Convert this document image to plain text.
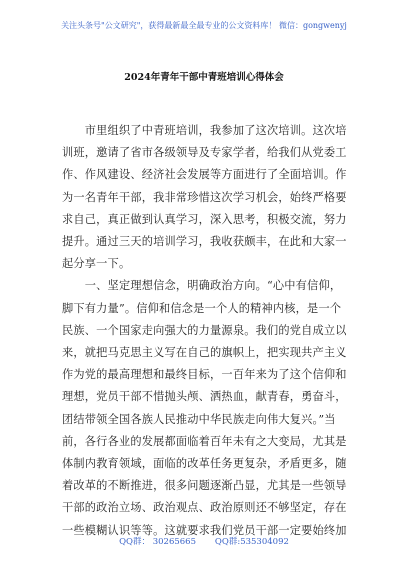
关注头条号"公文研究"，获得最新最全最专业的公文资料库！ 微信：gongwenyj
2024年青年干部中青班培训心得体会

　　市里组织了中青班培训，我参加了这次培训。这次培训班，邀请了省市各级领导及专家学者，给我们从党委工作、作风建设、经济社会发展等方面进行了全面培训。作为一名青年干部，我非常珍惜这次学习机会，始终严格要求自己，真正做到认真学习，深入思考，积极交流，努力提升。通过三天的培训学习，我收获颇丰，在此和大家一起分享一下。

　　一、坚定理想信念，明确政治方向。“心中有信仰，脚下有力量”。信仰和信念是一个人的精神内核，是一个民族、一个国家走向强大的力量源泉。我们的党自成立以来，就把马克思主义写在自己的旗帜上，把实现共产主义作为党的最高理想和最终目标，一百年来为了这个信仰和理想，党员干部不惜抛头颅、洒热血，献青春，勇奋斗，团结带领全国各族人民推动中华民族走向伟大复兴。”当前，各行各业的发展都面临着百年未有之大变局，尤其是体制内教育领域，面临的改革任务更复杂，矛盾更多，随着改革的不断推进，很多问题逐渐凸显，尤其是一些领导干部的政治立场、政治观点、政治原则还不够坚定，存在一些模糊认识等等。这就要求我们党员干部一定要始终加

QQ群： 30265665       QQ群:535304092
